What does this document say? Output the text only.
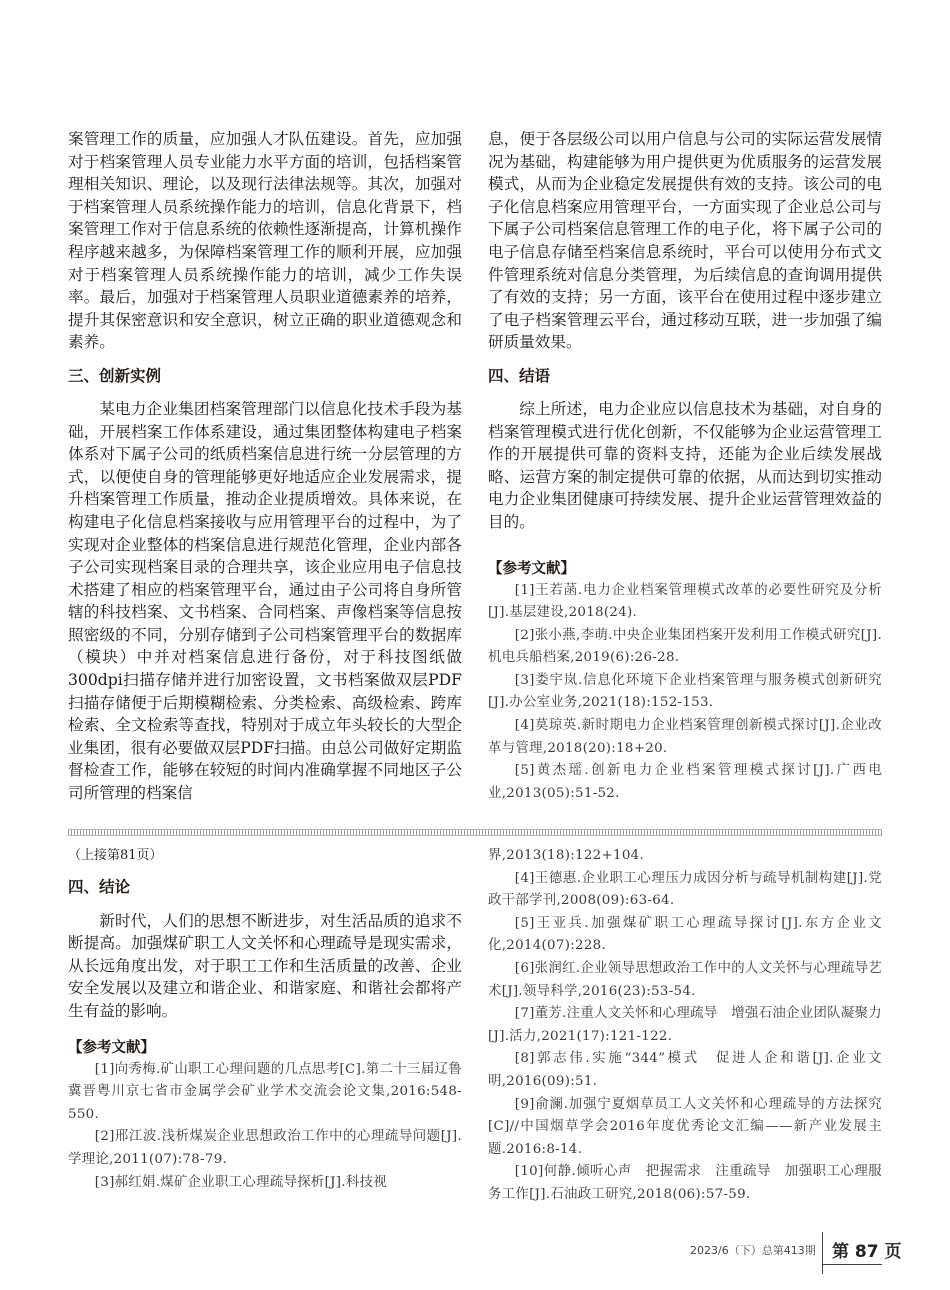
案管理工作的质量，应加强人才队伍建设。首先，应加强对于档案管理人员专业能力水平方面的培训，包括档案管理相关知识、理论，以及现行法律法规等。其次，加强对于档案管理人员系统操作能力的培训，信息化背景下，档案管理工作对于信息系统的依赖性逐渐提高，计算机操作程序越来越多，为保障档案管理工作的顺利开展，应加强对于档案管理人员系统操作能力的培训，减少工作失误率。最后，加强对于档案管理人员职业道德素养的培养，提升其保密意识和安全意识，树立正确的职业道德观念和素养。

三、创新实例

某电力企业集团档案管理部门以信息化技术手段为基础，开展档案工作体系建设，通过集团整体构建电子档案体系对下属子公司的纸质档案信息进行统一分层管理的方式，以便使自身的管理能够更好地适应企业发展需求，提升档案管理工作质量，推动企业提质增效。具体来说，在构建电子化信息档案接收与应用管理平台的过程中，为了实现对企业整体的档案信息进行规范化管理，企业内部各子公司实现档案目录的合理共享，该企业应用电子信息技术搭建了相应的档案管理平台，通过由子公司将自身所管辖的科技档案、文书档案、合同档案、声像档案等信息按照密级的不同，分别存储到子公司档案管理平台的数据库（模块）中并对档案信息进行备份，对于科技图纸做300dpi扫描存储并进行加密设置，文书档案做双层PDF扫描存储便于后期模糊检索、分类检索、高级检索、跨库检索、全文检索等查找，特别对于成立年头较长的大型企业集团，很有必要做双层PDF扫描。由总公司做好定期监督检查工作，能够在较短的时间内准确掌握不同地区子公司所管理的档案信

息，便于各层级公司以用户信息与公司的实际运营发展情况为基础，构建能够为用户提供更为优质服务的运营发展模式，从而为企业稳定发展提供有效的支持。该公司的电子化信息档案应用管理平台，一方面实现了企业总公司与下属子公司档案信息管理工作的电子化，将下属子公司的电子信息存储至档案信息系统时，平台可以使用分布式文件管理系统对信息分类管理，为后续信息的查询调用提供了有效的支持；另一方面，该平台在使用过程中逐步建立了电子档案管理云平台，通过移动互联，进一步加强了编研质量效果。

四、结语

综上所述，电力企业应以信息技术为基础，对自身的档案管理模式进行优化创新，不仅能够为企业运营管理工作的开展提供可靠的资料支持，还能为企业后续发展战略、运营方案的制定提供可靠的依据，从而达到切实推动电力企业集团健康可持续发展、提升企业运营管理效益的目的。

【参考文献】

[1]王若菡.电力企业档案管理模式改革的必要性研究及分析[J].基层建设,2018(24).

[2]张小燕,李萌.中央企业集团档案开发利用工作模式研究[J].机电兵船档案,2019(6):26-28.

[3]娄宇岚.信息化环境下企业档案管理与服务模式创新研究[J].办公室业务,2021(18):152-153.

[4]莫琼英.新时期电力企业档案管理创新模式探讨[J].企业改革与管理,2018(20):18+20.

[5]黄杰瑶.创新电力企业档案管理模式探讨[J].广西电业,2013(05):51-52.

（上接第81页）

四、结论

新时代，人们的思想不断进步，对生活品质的追求不断提高。加强煤矿职工人文关怀和心理疏导是现实需求，从长远角度出发，对于职工工作和生活质量的改善、企业安全发展以及建立和谐企业、和谐家庭、和谐社会都将产生有益的影响。

【参考文献】

[1]向秀梅.矿山职工心理问题的几点思考[C].第二十三届辽鲁冀晋粤川京七省市金属学会矿业学术交流会论文集,2016:548-550.

[2]邢江波.浅析煤炭企业思想政治工作中的心理疏导问题[J].学理论,2011(07):78-79.

[3]郝红娟.煤矿企业职工心理疏导探析[J].科技视

界,2013(18):122+104.

[4]王德惠.企业职工心理压力成因分析与疏导机制构建[J].党政干部学刊,2008(09):63-64.

[5]王亚兵.加强煤矿职工心理疏导探讨[J].东方企业文化,2014(07):228.

[6]张润红.企业领导思想政治工作中的人文关怀与心理疏导艺术[J].领导科学,2016(23):53-54.

[7]董芳.注重人文关怀和心理疏导　增强石油企业团队凝聚力[J].活力,2021(17):121-122.

[8]郭志伟.实施“344”模式　促进人企和谐[J].企业文明,2016(09):51.

[9]俞澜.加强宁夏烟草员工人文关怀和心理疏导的方法探究[C]//中国烟草学会2016年度优秀论文汇编——新产业发展主题.2016:8-14.

[10]何静.倾听心声　把握需求　注重疏导　加强职工心理服务工作[J].石油政工研究,2018(06):57-59.

2023/6（下）总第413期 第 87 页
